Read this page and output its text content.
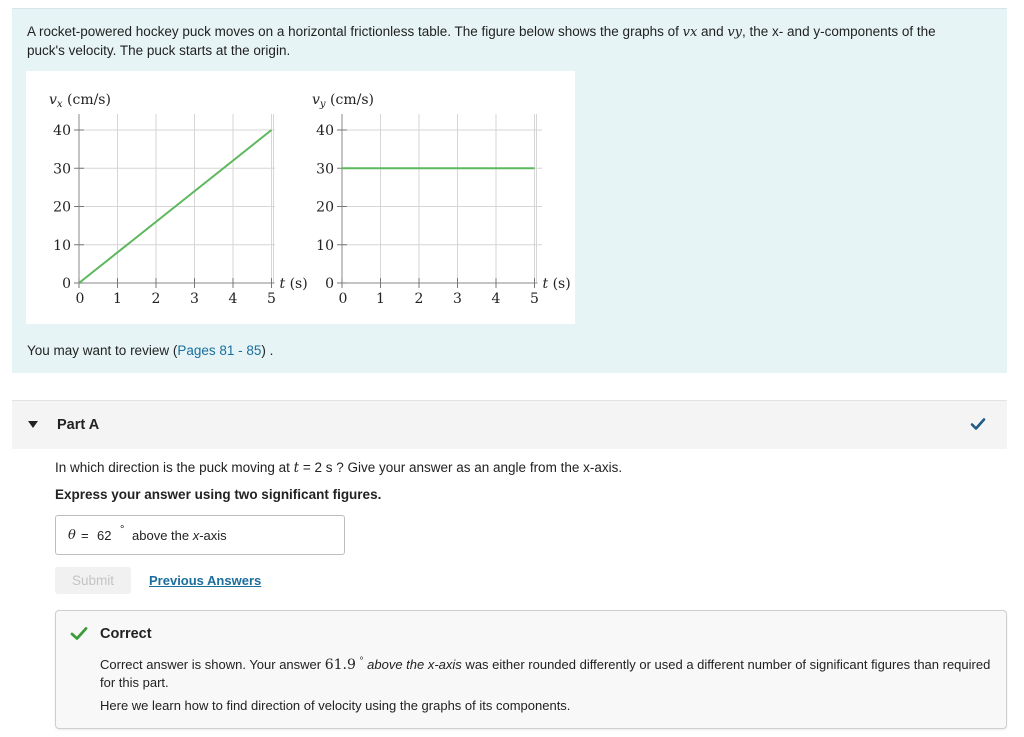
A rocket-powered hockey puck moves on a horizontal frictionless table. The figure below shows the graphs of vx and vy, the x- and y-components of the puck's velocity. The puck starts at the origin.
0
10
20
30
40
0 1 2 3 4 5
$v_x$ (cm/s)
t (s) 0
10
20
30
40
0 1 2 3 4 5
$v_y$ (cm/s)
t (s)
You may want to review (Pages 81 - 85) .
Part A
In which direction is the puck moving at t = 2 s ? Give your answer as an angle from the x-axis.
Express your answer using two significant figures.
θ = 62 ° above the x-axis
Submit	Previous Answers
Correct
Correct answer is shown. Your answer 61.9 ° above the x-axis was either rounded differently or used a different number of significant figures than required for this part.
Here we learn how to find direction of velocity using the graphs of its components.
